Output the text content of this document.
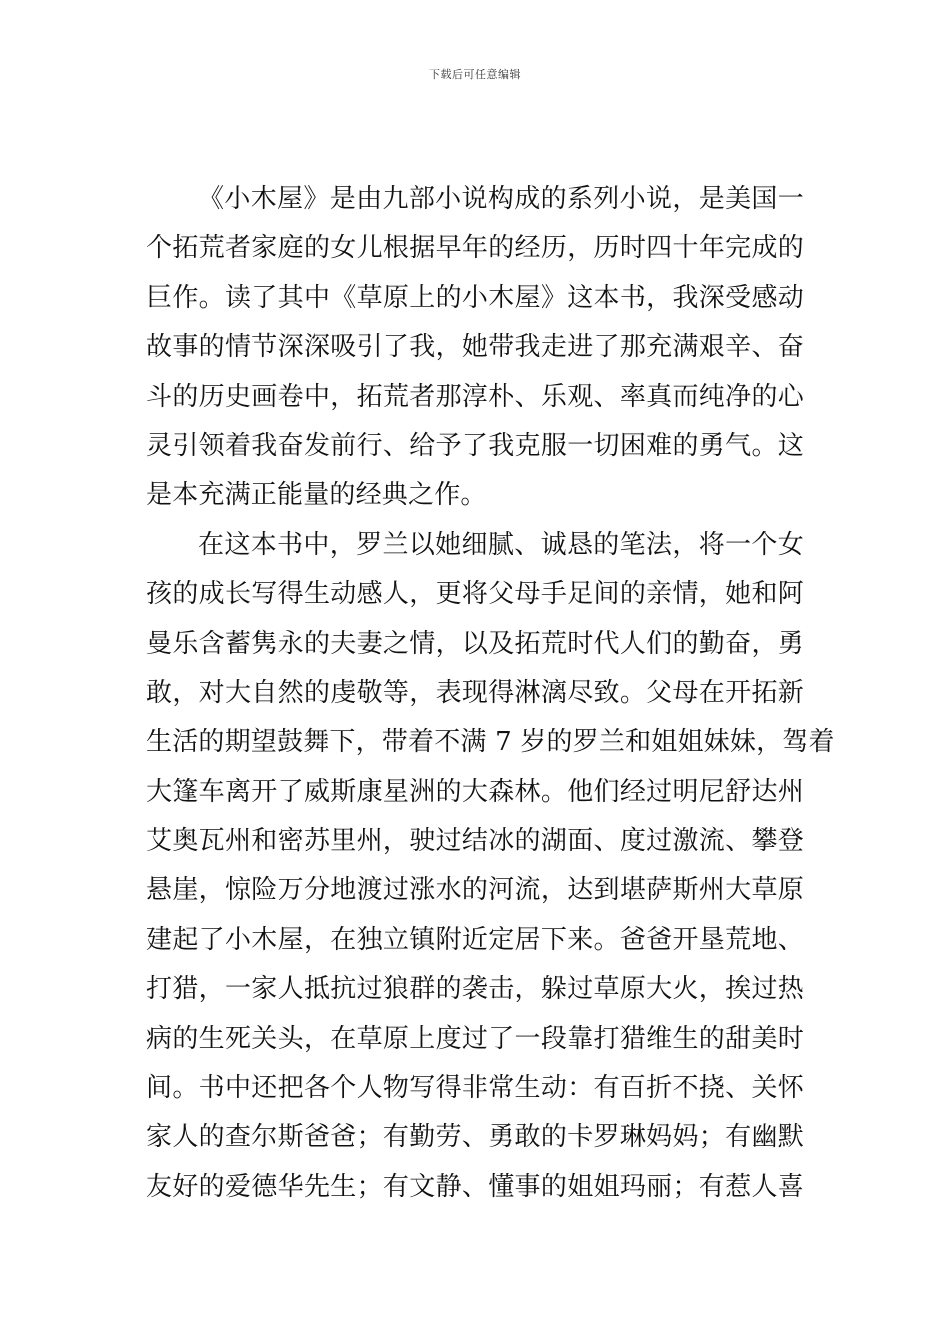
下载后可任意编辑
《小木屋》是由九部小说构成的系列小说，是美国一
个拓荒者家庭的女儿根据早年的经历，历时四十年完成的
巨作。读了其中《草原上的小木屋》这本书，我深受感动
故事的情节深深吸引了我，她带我走进了那充满艰辛、奋
斗的历史画卷中，拓荒者那淳朴、乐观、率真而纯净的心
灵引领着我奋发前行、给予了我克服一切困难的勇气。这
是本充满正能量的经典之作。
在这本书中，罗兰以她细腻、诚恳的笔法，将一个女
孩的成长写得生动感人，更将父母手足间的亲情，她和阿
曼乐含蓄隽永的夫妻之情，以及拓荒时代人们的勤奋，勇
敢，对大自然的虔敬等，表现得淋漓尽致。父母在开拓新
生活的期望鼓舞下，带着不满 7 岁的罗兰和姐姐妹妹，驾着
大篷车离开了威斯康星洲的大森林。他们经过明尼舒达州
艾奥瓦州和密苏里州，驶过结冰的湖面、度过激流、攀登
悬崖，惊险万分地渡过涨水的河流，达到堪萨斯州大草原
建起了小木屋，在独立镇附近定居下来。爸爸开垦荒地、
打猎，一家人抵抗过狼群的袭击，躲过草原大火，挨过热
病的生死关头，在草原上度过了一段靠打猎维生的甜美时
间。书中还把各个人物写得非常生动：有百折不挠、关怀
家人的查尔斯爸爸；有勤劳、勇敢的卡罗琳妈妈；有幽默
友好的爱德华先生；有文静、懂事的姐姐玛丽；有惹人喜
